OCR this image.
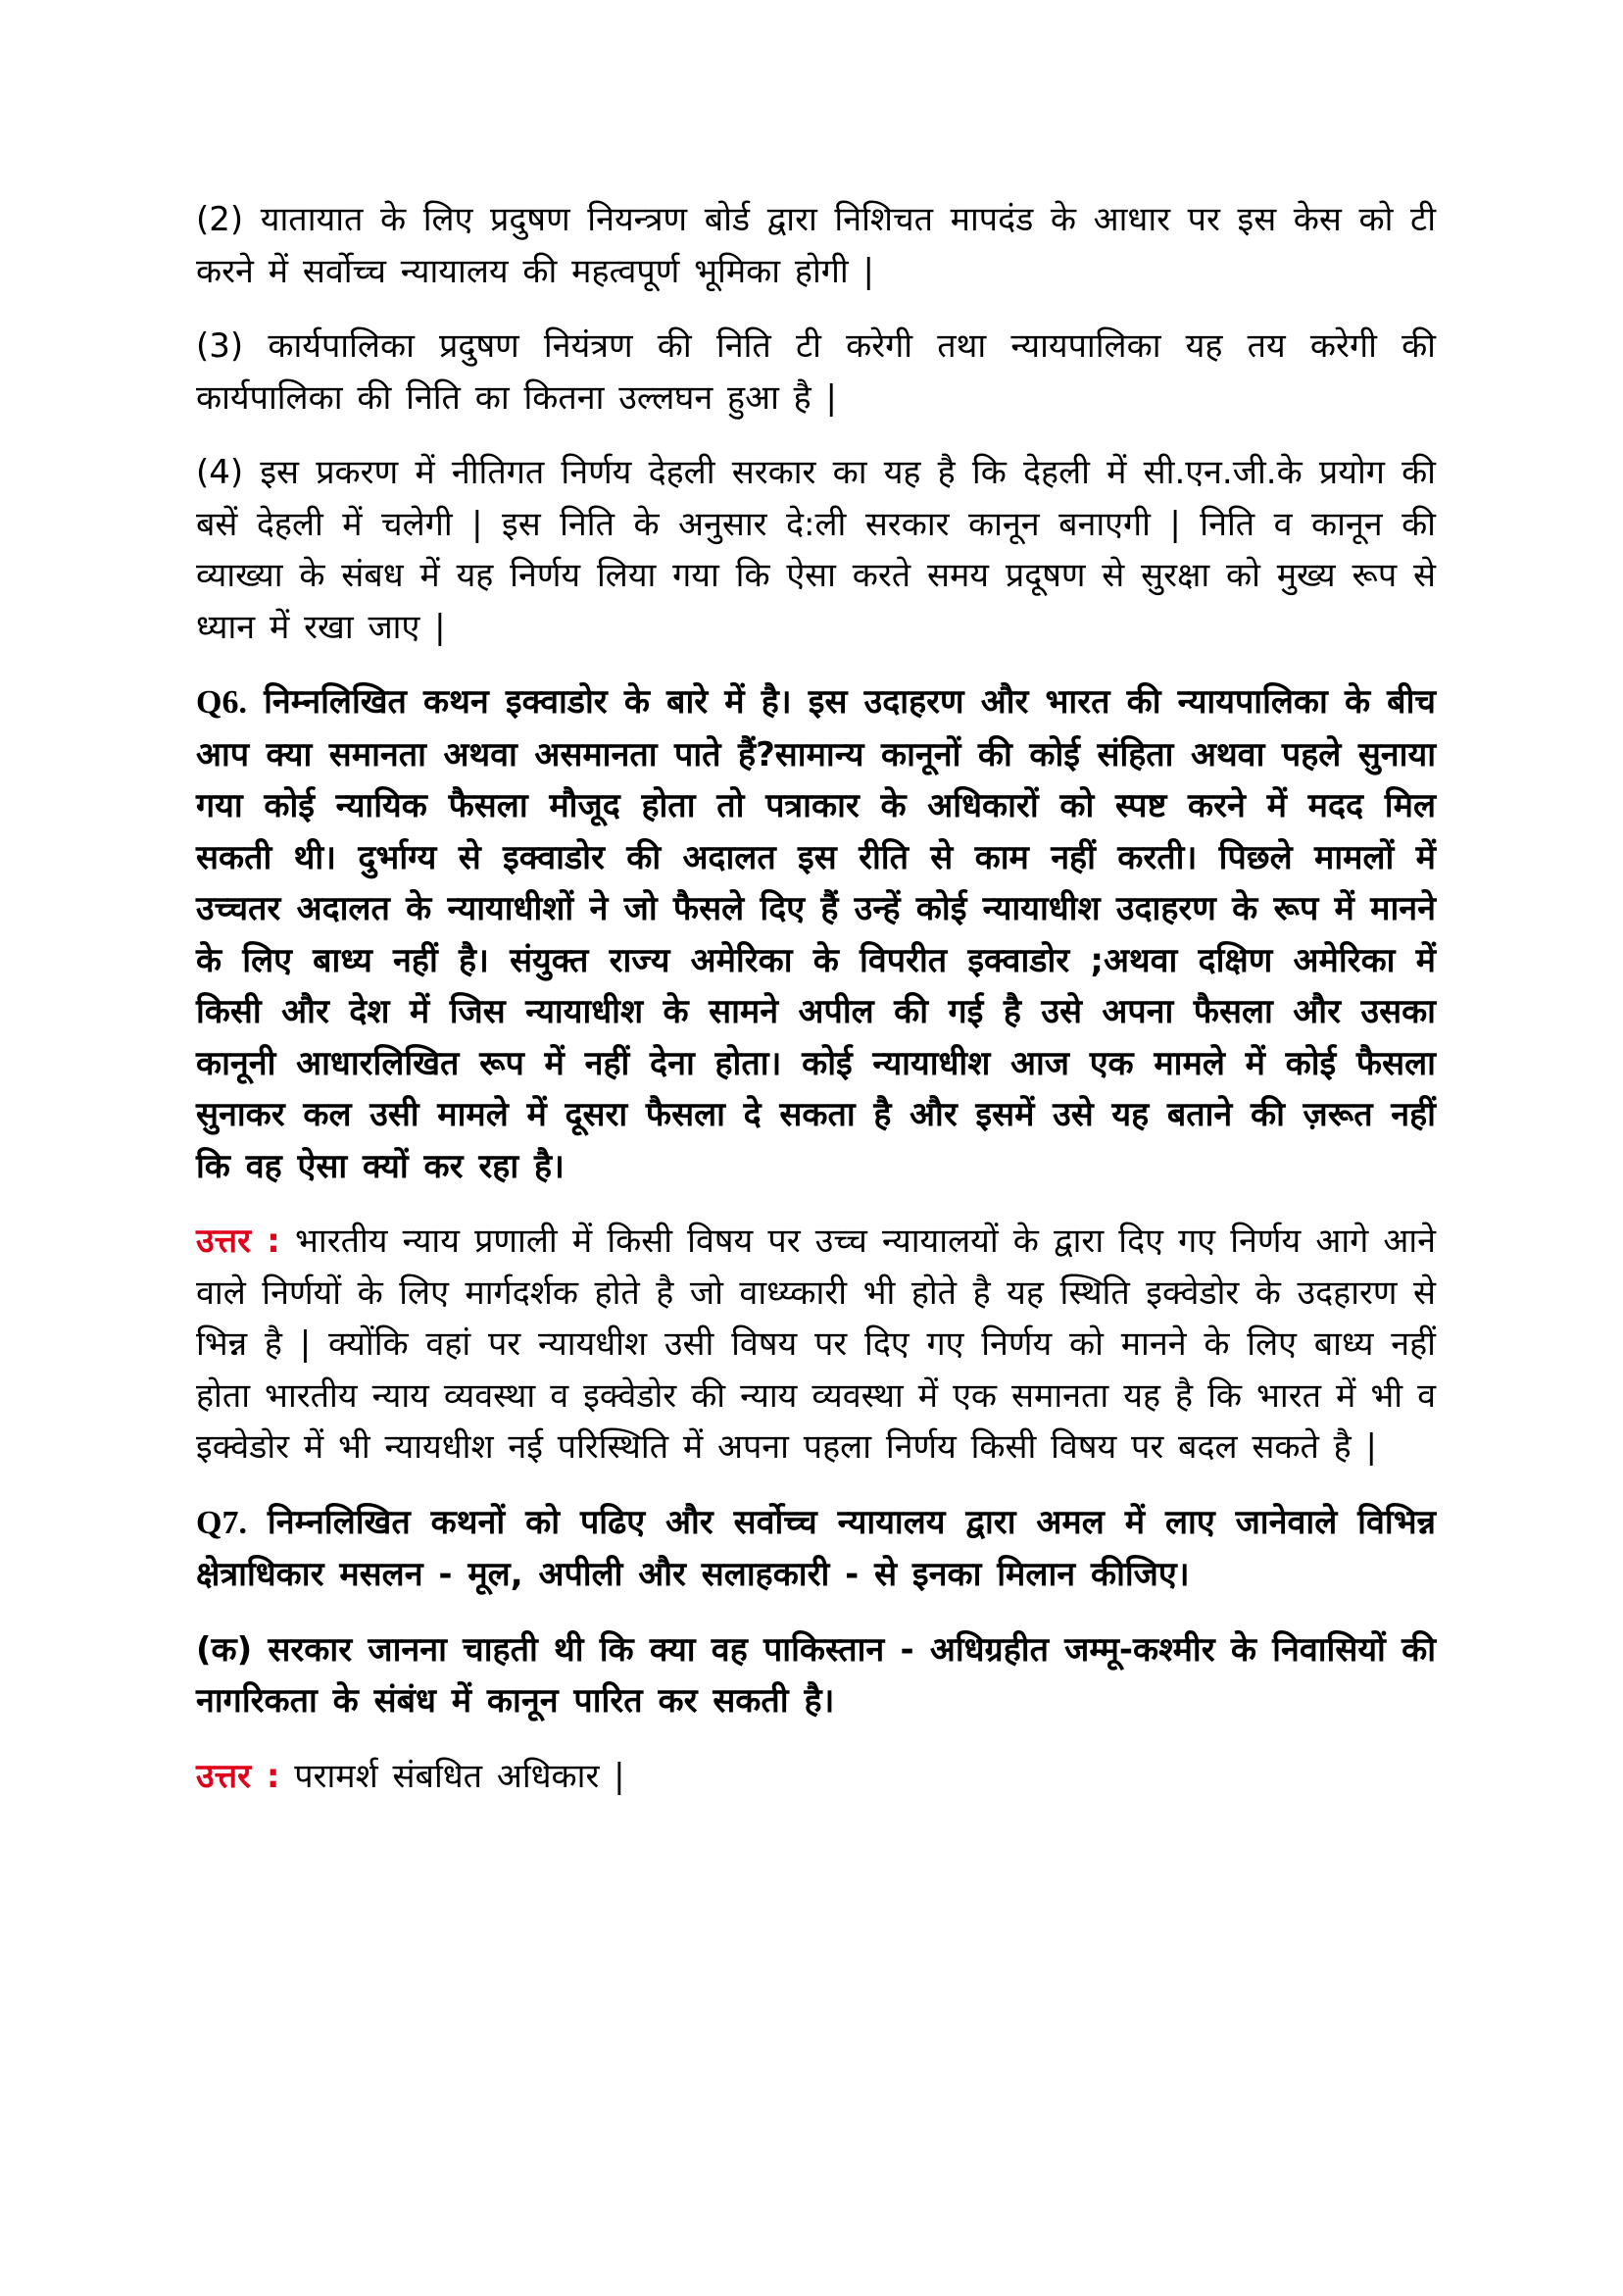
(2) यातायात के लिए प्रदुषण नियन्त्रण बोर्ड द्वारा निशिचत मापदंड के आधार पर इस केस को टी करने में सर्वोच्च न्यायालय की महत्वपूर्ण भूमिका होगी |

(3) कार्यपालिका प्रदुषण नियंत्रण की निति टी करेगी तथा न्यायपालिका यह तय करेगी की कार्यपालिका की निति का कितना उल्लघन हुआ है |

(4) इस प्रकरण में नीतिगत निर्णय देहली सरकार का यह है कि देहली में सी.एन.जी.के प्रयोग की बसें देहली में चलेगी | इस निति के अनुसार दे:ली सरकार कानून बनाएगी | निति व कानून की व्याख्या के संबध में यह निर्णय लिया गया कि ऐसा करते समय प्रदूषण से सुरक्षा को मुख्य रूप से ध्यान में रखा जाए |

Q6. निम्नलिखित कथन इक्वाडोर के बारे में है। इस उदाहरण और भारत की न्यायपालिका के बीच आप क्या समानता अथवा असमानता पाते हैं?सामान्य कानूनों की कोई संहिता अथवा पहले सुनाया गया कोई न्यायिक फैसला मौजूद होता तो पत्राकार के अधिकारों को स्पष्ट करने में मदद मिल सकती थी। दुर्भाग्य से इक्वाडोर की अदालत इस रीति से काम नहीं करती। पिछले मामलों में उच्चतर अदालत के न्यायाधीशों ने जो फैसले दिए हैं उन्हें कोई न्यायाधीश उदाहरण के रूप में मानने के लिए बाध्य नहीं है। संयुक्त राज्य अमेरिका के विपरीत इक्वाडोर ;अथवा दक्षिण अमेरिका में किसी और देश में जिस न्यायाधीश के सामने अपील की गई है उसे अपना फैसला और उसका कानूनी आधारलिखित रूप में नहीं देना होता। कोई न्यायाधीश आज एक मामले में कोई फैसला सुनाकर कल उसी मामले में दूसरा फैसला दे सकता है और इसमें उसे यह बताने की ज़रूत नहीं कि वह ऐसा क्यों कर रहा है।

उत्तर : भारतीय न्याय प्रणाली में किसी विषय पर उच्च न्यायालयों के द्वारा दिए गए निर्णय आगे आने वाले निर्णयों के लिए मार्गदर्शक होते है जो वाध्य्कारी भी होते है यह स्थिति इक्वेडोर के उदहारण से भिन्न है | क्योंकि वहां पर न्यायधीश उसी विषय पर दिए गए निर्णय को मानने के लिए बाध्य नहीं होता भारतीय न्याय व्यवस्था व इक्वेडोर की न्याय व्यवस्था में एक समानता यह है कि भारत में भी व इक्वेडोर में भी न्यायधीश नई परिस्थिति में अपना पहला निर्णय किसी विषय पर बदल सकते है |

Q7. निम्नलिखित कथनों को पढिए और सर्वोच्च न्यायालय द्वारा अमल में लाए जानेवाले विभिन्न क्षेत्राधिकार मसलन - मूल, अपीली और सलाहकारी - से इनका मिलान कीजिए।

(क) सरकार जानना चाहती थी कि क्या वह पाकिस्तान - अधिग्रहीत जम्मू-कश्मीर के निवासियों की नागरिकता के संबंध में कानून पारित कर सकती है।

उत्तर : परामर्श संबधित अधिकार |
